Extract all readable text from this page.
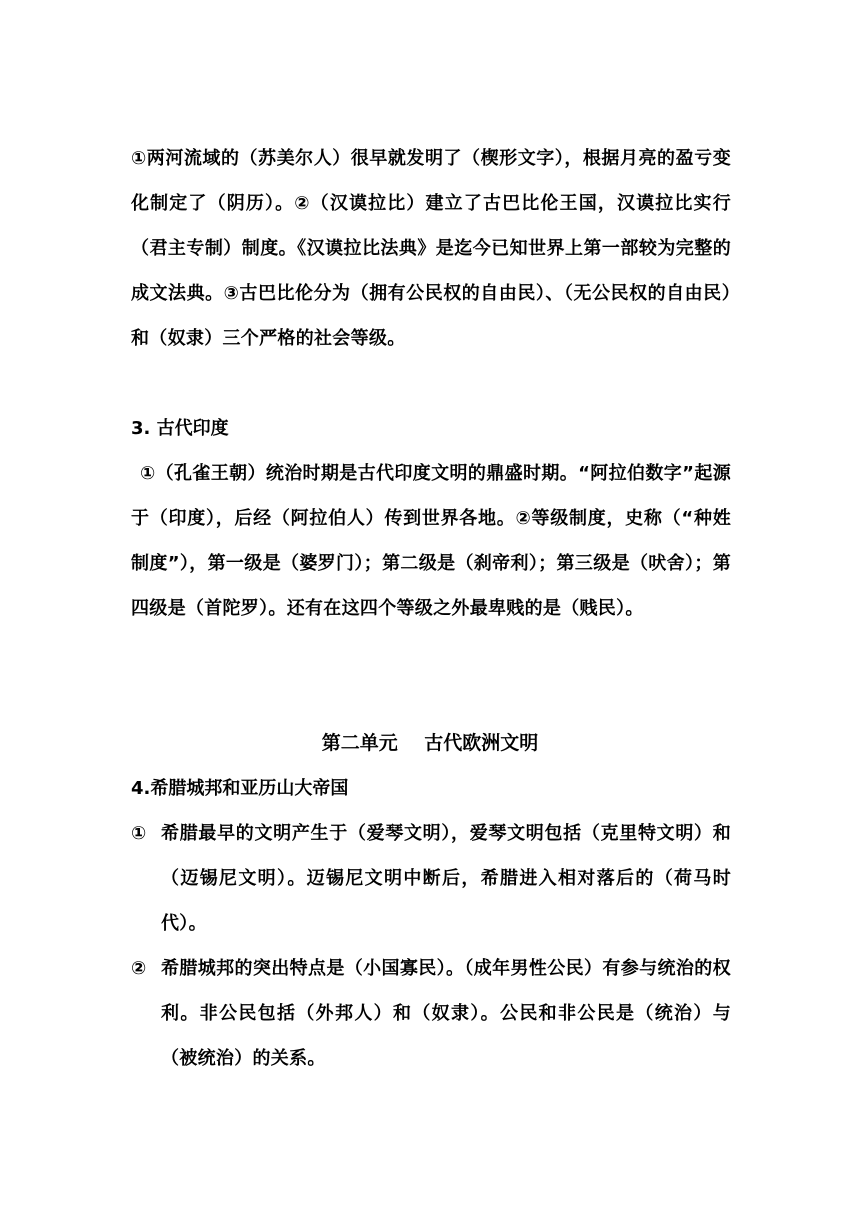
①两河流域的（苏美尔人）很早就发明了（楔形文字），根据月亮的盈亏变化制定了（阴历）。②（汉谟拉比）建立了古巴比伦王国，汉谟拉比实行（君主专制）制度。《汉谟拉比法典》是迄今已知世界上第一部较为完整的成文法典。③古巴比伦分为（拥有公民权的自由民）、（无公民权的自由民）和（奴隶）三个严格的社会等级。
3. 古代印度
①（孔雀王朝）统治时期是古代印度文明的鼎盛时期。“阿拉伯数字”起源于（印度），后经（阿拉伯人）传到世界各地。②等级制度，史称（“种姓制度”），第一级是（婆罗门）；第二级是（刹帝利）；第三级是（吠舍）；第四级是（首陀罗）。还有在这四个等级之外最卑贱的是（贱民）。
第二单元    古代欧洲文明
4.希腊城邦和亚历山大帝国
① 希腊最早的文明产生于（爱琴文明），爱琴文明包括（克里特文明）和（迈锡尼文明）。迈锡尼文明中断后，希腊进入相对落后的（荷马时代）。
② 希腊城邦的突出特点是（小国寡民）。（成年男性公民）有参与统治的权利。非公民包括（外邦人）和（奴隶）。公民和非公民是（统治）与（被统治）的关系。
